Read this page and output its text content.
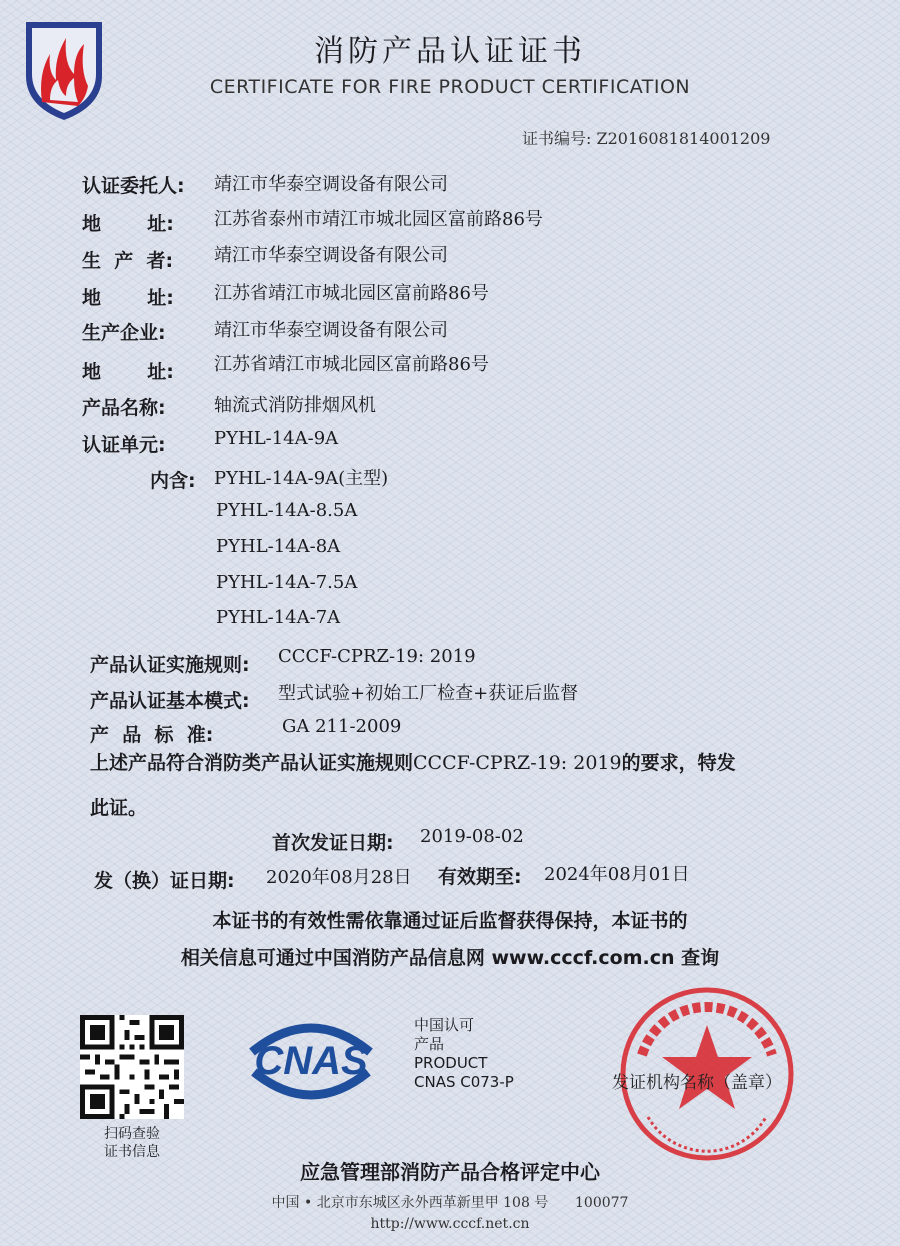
消防产品认证证书
CERTIFICATE FOR FIRE PRODUCT CERTIFICATION
证书编号: Z2016081814001209
认证委托人: 靖江市华泰空调设备有限公司
地       址: 江苏省泰州市靖江市城北园区富前路86号
生  产  者: 靖江市华泰空调设备有限公司
地       址: 江苏省靖江市城北园区富前路86号
生产企业:	靖江市华泰空调设备有限公司
地       址: 江苏省靖江市城北园区富前路86号
产品名称:	轴流式消防排烟风机
认证单元:	PYHL-14A-9A
内含: PYHL-14A-9A(主型)
PYHL-14A-8.5A
PYHL-14A-8A
PYHL-14A-7.5A
PYHL-14A-7A
产品认证实施规则: CCCF-CPRZ-19: 2019
产品认证基本模式: 型式试验+初始工厂检查+获证后监督
产  品  标  准:	GA 211-2009
上述产品符合消防类产品认证实施规则CCCF-CPRZ-19: 2019的要求，特发
此证。
首次发证日期: 2019-08-02
发（换）证日期: 2020年08月28日 有效期至: 2024年08月01日
本证书的有效性需依靠通过证后监督获得保持，本证书的
相关信息可通过中国消防产品信息网 www.cccf.com.cn 查询
扫码查验
证书信息
CNAS
中国认可
产品
PRODUCT
CNAS C073-P	发证机构名称（盖章）
应急管理部消防产品合格评定中心
中国 • 北京市东城区永外西革新里甲 108 号      100077
http://www.cccf.net.cn
